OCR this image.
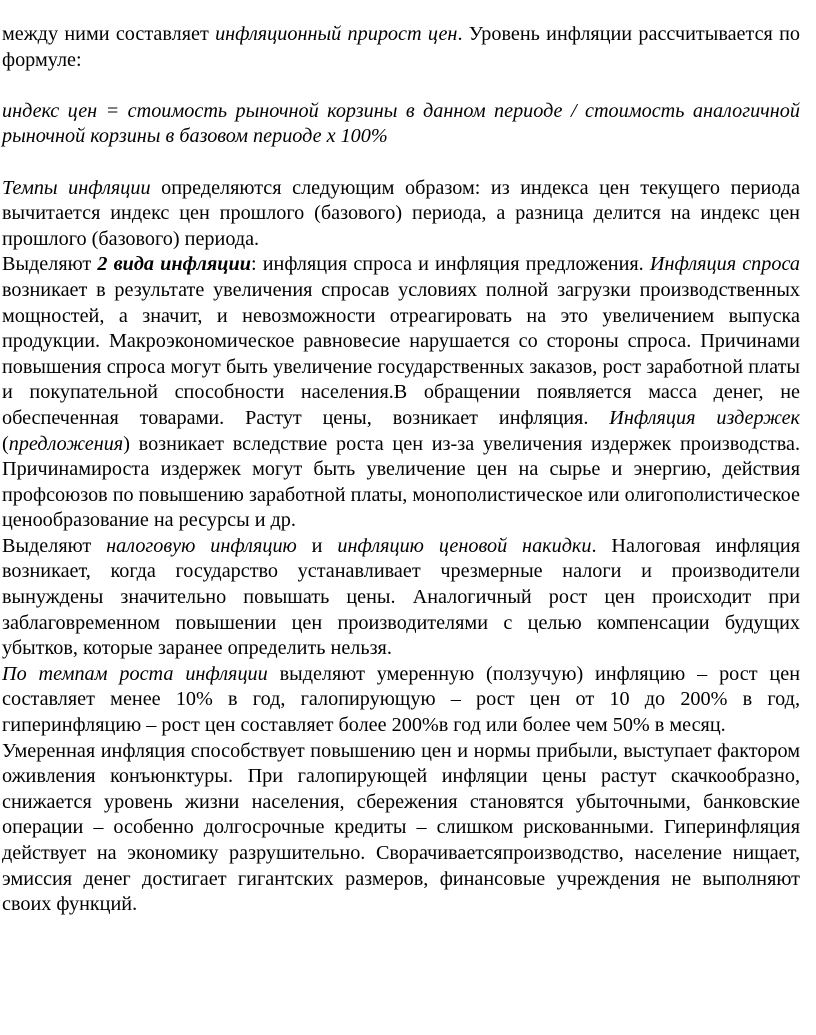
между ними составляет инфляционный прирост цен. Уровень инфляции рассчитывается по формуле:

индекс цен = стоимость рыночной корзины в данном периоде / стоимость аналогичной рыночной корзины в базовом периоде х 100%

Темпы инфляции определяются следующим образом: из индекса цен текущего периода вычитается индекс цен прошлого (базового) периода, а разница делится на индекс цен прошлого (базового) периода.

Выделяют 2 вида инфляции: инфляция спроса и инфляция предложения. Инфляция спроса возникает в результате увеличения спросав условиях полной загрузки производственных мощностей, а значит, и невозможности отреагировать на это увеличением выпуска продукции. Макроэкономическое равновесие нарушается со стороны спроса. Причинами повышения спроса могут быть увеличение государственных заказов, рост заработной платы и покупательной способности населения.В обращении появляется масса денег, не обеспеченная товарами. Растут цены, возникает инфляция. Инфляция издержек (предложения) возникает вследствие роста цен из-за увеличения издержек производства. Причинамироста издержек могут быть увеличение цен на сырье и энергию, действия профсоюзов по повышению заработной платы, монополистическое или олигополистическое ценообразование на ресурсы и др.

Выделяют налоговую инфляцию и инфляцию ценовой накидки. Налоговая инфляция возникает, когда государство устанавливает чрезмерные налоги и производители вынуждены значительно повышать цены. Аналогичный рост цен происходит при заблаговременном повышении цен производителями с целью компенсации будущих убытков, которые заранее определить нельзя.

По темпам роста инфляции выделяют умеренную (ползучую) инфляцию – рост цен составляет менее 10% в год, галопирующую – рост цен от 10 до 200% в год, гиперинфляцию – рост цен составляет более 200%в год или более чем 50% в месяц.

Умеренная инфляция способствует повышению цен и нормы прибыли, выступает фактором оживления конъюнктуры. При галопирующей инфляции цены растут скачкообразно, снижается уровень жизни населения, сбережения становятся убыточными, банковские операции – особенно долгосрочные кредиты – слишком рискованными. Гиперинфляция действует на экономику разрушительно. Сворачиваетсяпроизводство, население нищает, эмиссия денег достигает гигантских размеров, финансовые учреждения не выполняют своих функций.
